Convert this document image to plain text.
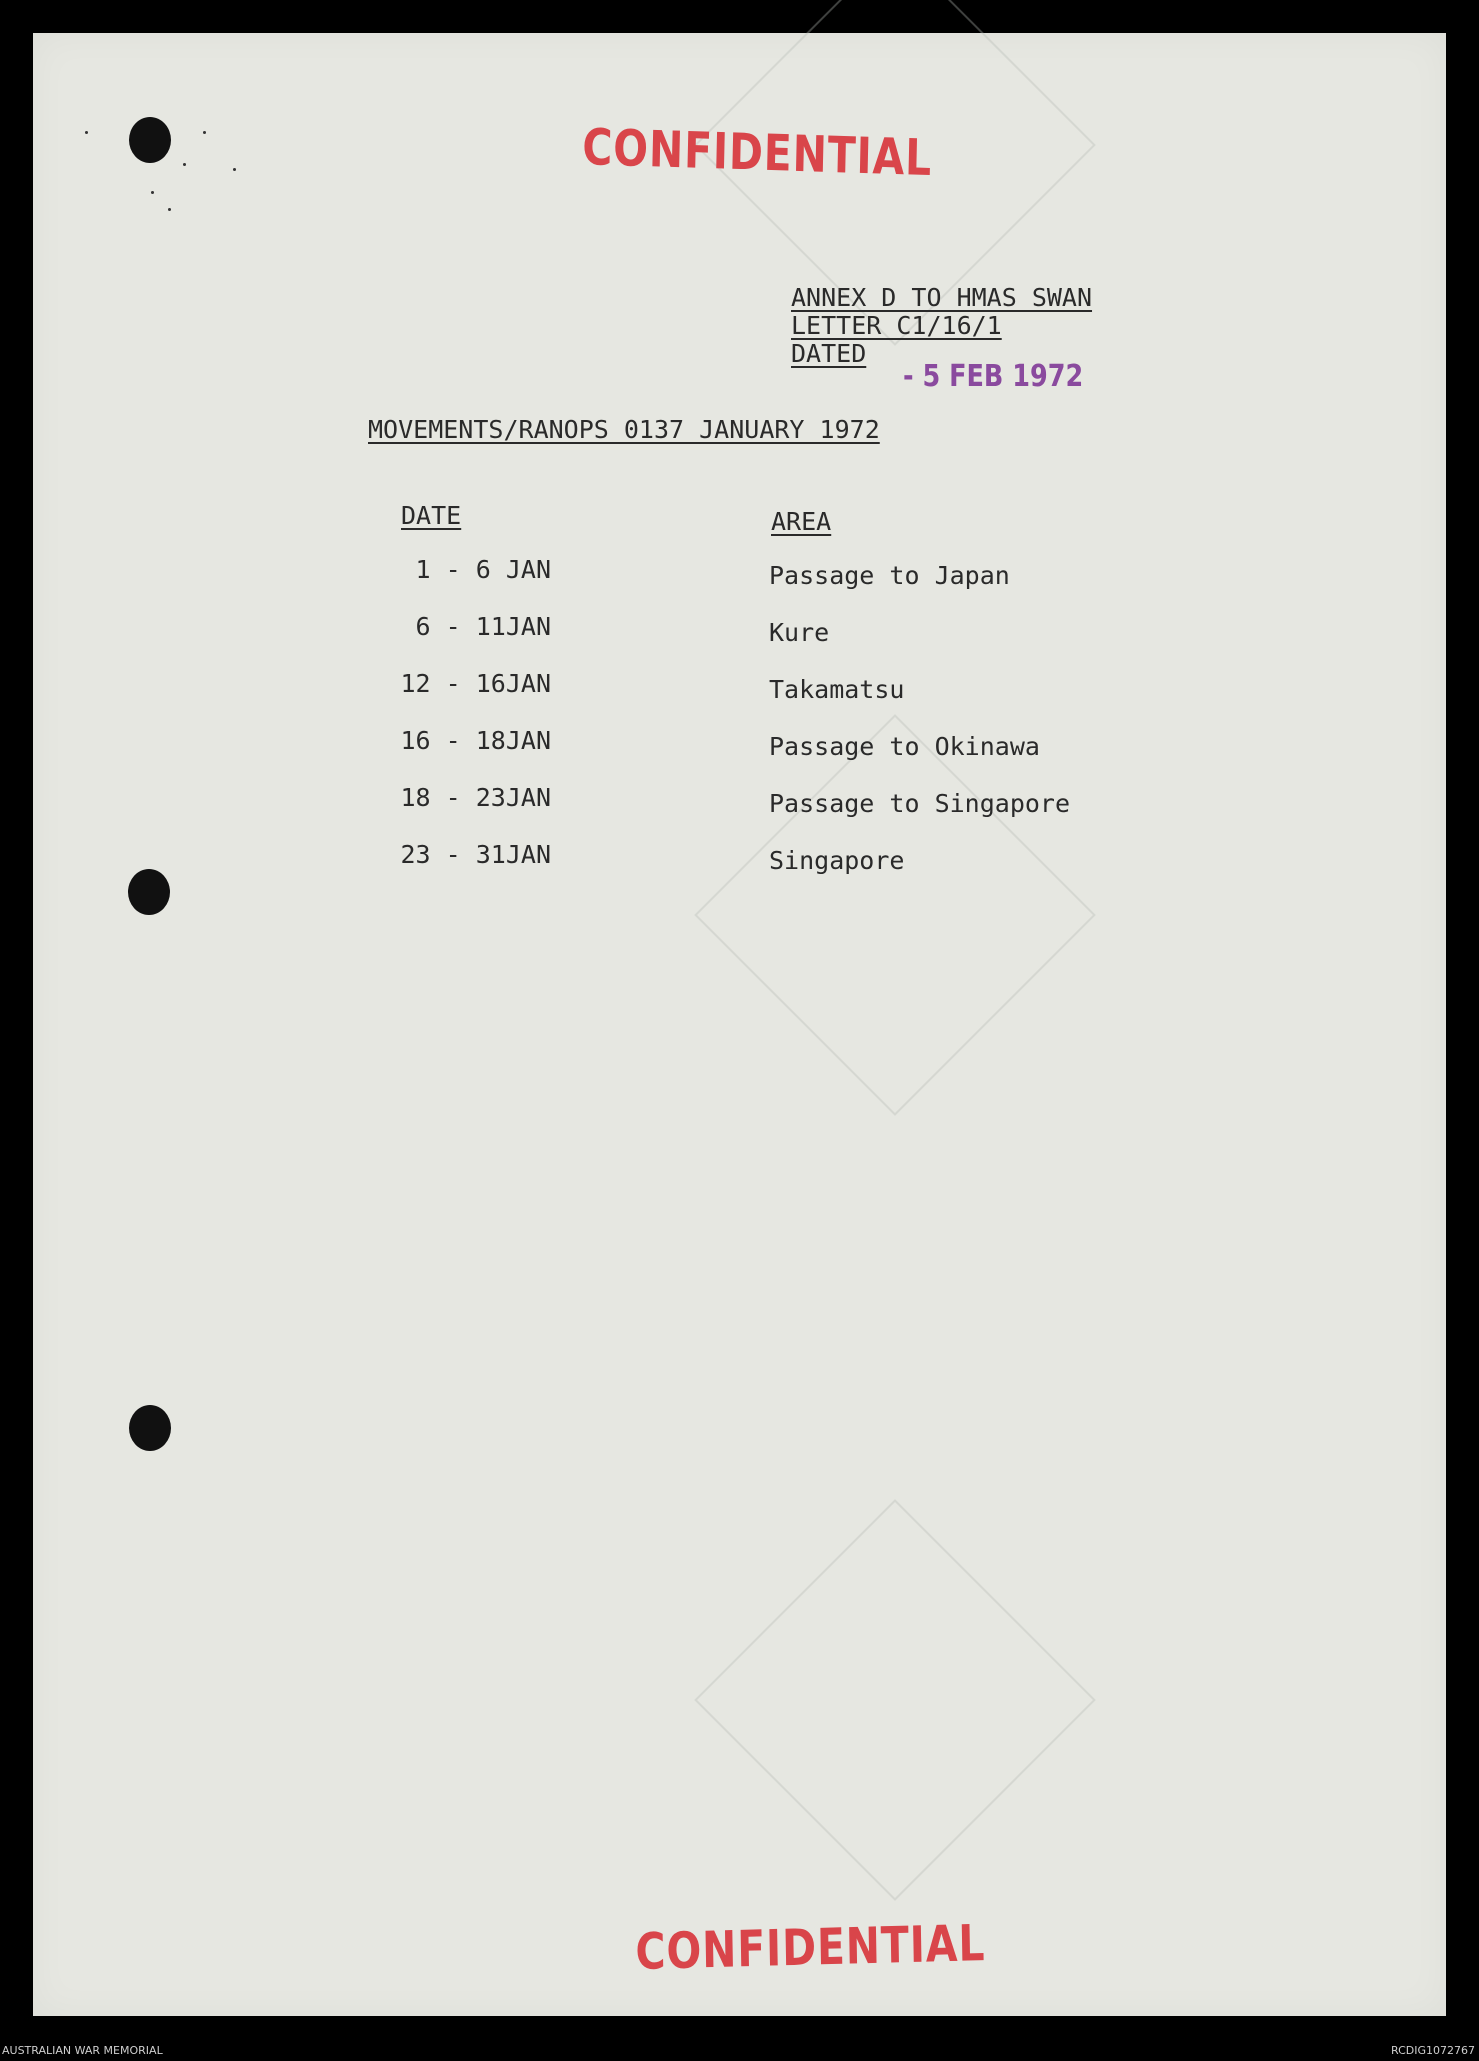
CONFIDENTIAL
ANNEX D TO HMAS SWAN
LETTER C1/16/1
DATED
- 5 FEB 1972
MOVEMENTS/RANOPS 0137 JANUARY 1972
DATE	AREA
1 - 6 JAN	Passage to Japan
6 - 11JAN	Kure
12 - 16JAN	Takamatsu
16 - 18JAN	Passage to Okinawa
18 - 23JAN	Passage to Singapore
23 - 31JAN	Singapore
CONFIDENTIAL
AUSTRALIAN WAR MEMORIAL	RCDIG1072767
